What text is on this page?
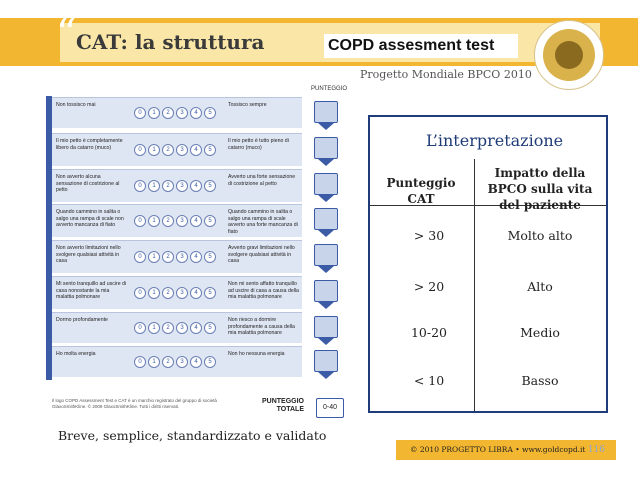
“ CAT: la struttura	COPD assesment test
Progetto Mondiale BPCO 2010
PUNTEGGIO
Non tossisco mai
0	1	2	3	4	5
Tossisco sempre
Il mio petto è completamente libero da catarro (muco)	0	1	2	3	4	5
Il mio petto è tutto pieno di catarro (muco)
Non avverto alcuna sensazione di costrizione al petto
0	1	2	3	4	5
Avverto una forte sensazione di costrizione al petto
Quando cammino in salita o salgo una rampa di scale non avverto mancanza di fiato
0	1	2	3	4	5
Quando cammino in salita o salgo una rampa di scale avverto una forte mancanza di fiato
Non avverto limitazioni nello svolgere qualsiasi attività in casa
0	1	2	3	4	5
Avverto gravi limitazioni nello svolgere qualsiasi attività in casa
Mi sento tranquillo ad uscire di casa nonostante la mia malattia polmonare
0	1	2	3	4	5
Non mi sento affatto tranquillo ad uscire di casa a causa della mia malattia polmonare
Dormo profondamente
0	1	2	3	4	5
Non riesco a dormire profondamente a causa della mia malattia polmonare
Ho molta energia
0	1	2	3	4	5
Non ho nessuna energia
Il logo COPD Assessment Test e CAT è un marchio registrato del gruppo di società GlaxoSmithKline. © 2009 GlaxoSmithKline. Tutti i diritti riservati.
PUNTEGGIO
TOTALE	0-40
Breve, semplice, standardizzato e validato
© 2010 PROGETTO LIBRA • www.goldcopd.it 116
L’interpretazione
Punteggio CAT
Impatto della BPCO sulla vita del paziente
> 30	Molto alto
> 20	Alto
10-20	Medio
< 10	Basso
